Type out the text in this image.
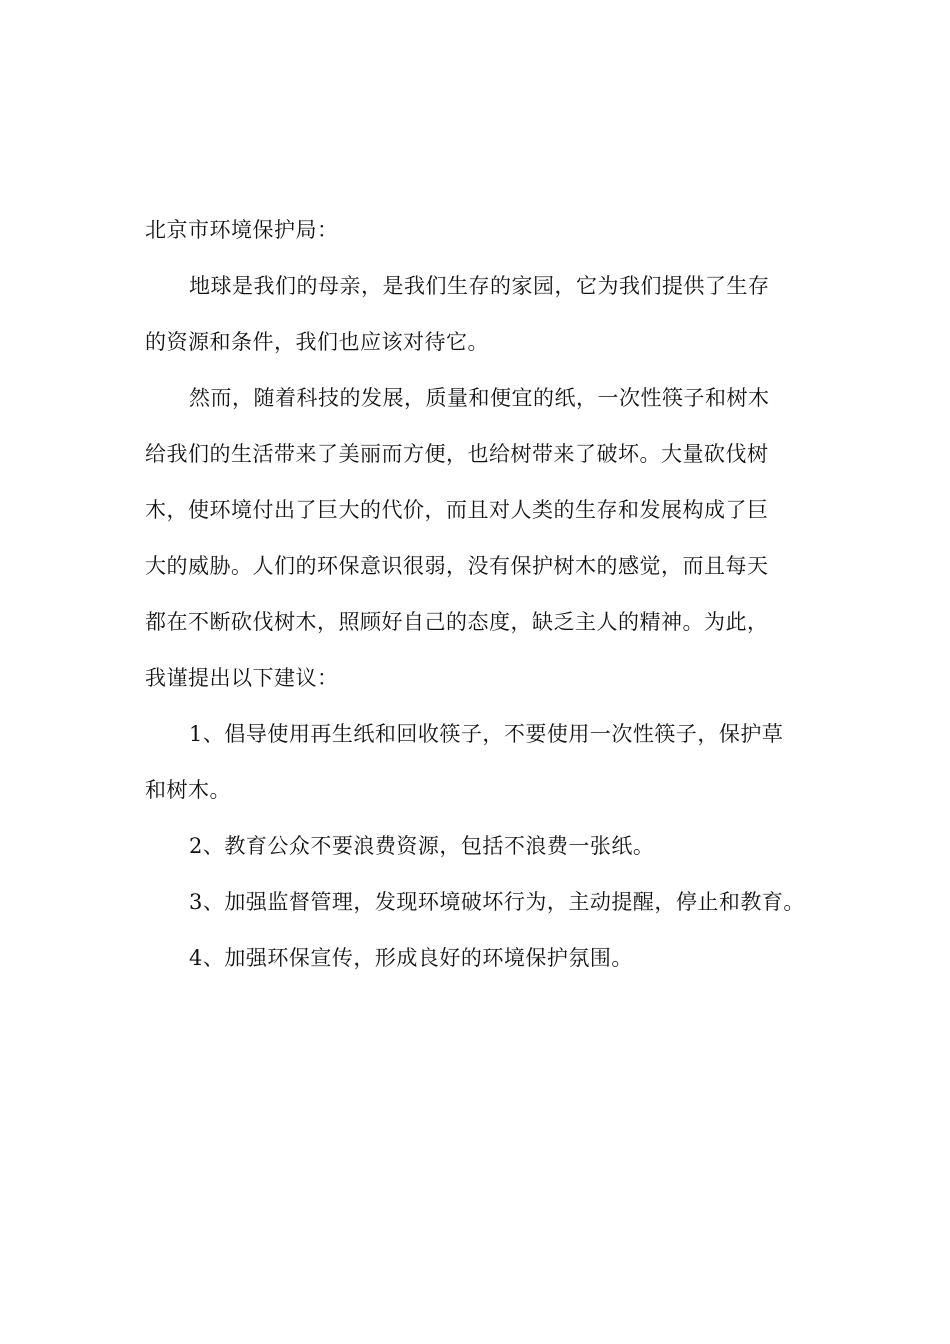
北京市环境保护局：
地球是我们的母亲，是我们生存的家园，它为我们提供了生存
的资源和条件，我们也应该对待它。
然而，随着科技的发展，质量和便宜的纸，一次性筷子和树木
给我们的生活带来了美丽而方便，也给树带来了破坏。大量砍伐树
木，使环境付出了巨大的代价，而且对人类的生存和发展构成了巨
大的威胁。人们的环保意识很弱，没有保护树木的感觉，而且每天
都在不断砍伐树木，照顾好自己的态度，缺乏主人的精神。为此，
我谨提出以下建议：
1、倡导使用再生纸和回收筷子，不要使用一次性筷子，保护草
和树木。
2、教育公众不要浪费资源，包括不浪费一张纸。
3、加强监督管理，发现环境破坏行为，主动提醒，停止和教育。
4、加强环保宣传，形成良好的环境保护氛围。
